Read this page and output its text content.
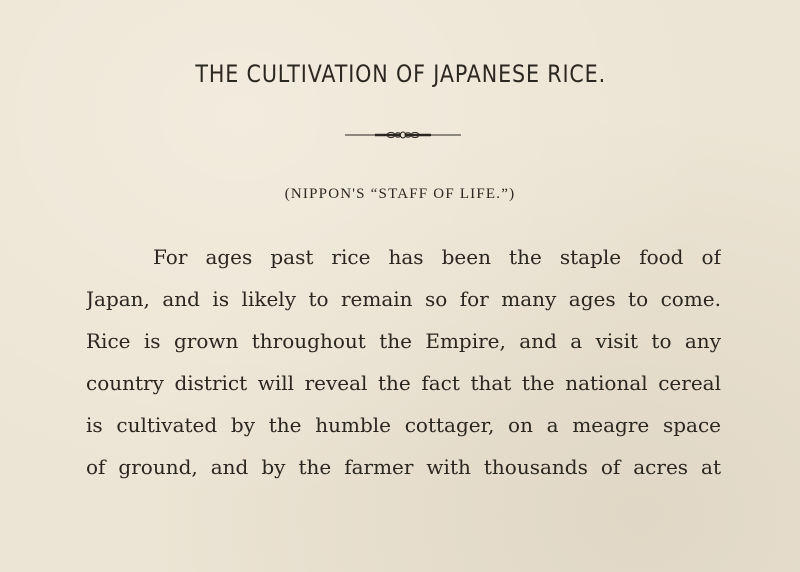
THE CULTIVATION OF JAPANESE RICE.
(NIPPON'S “STAFF OF LIFE.”)
For ages past rice has been the staple food of
Japan, and is likely to remain so for many ages to come.
Rice is grown throughout the Empire, and a visit to any
country district will reveal the fact that the national cereal
is cultivated by the humble cottager, on a meagre space
of ground, and by the farmer with thousands of acres at
